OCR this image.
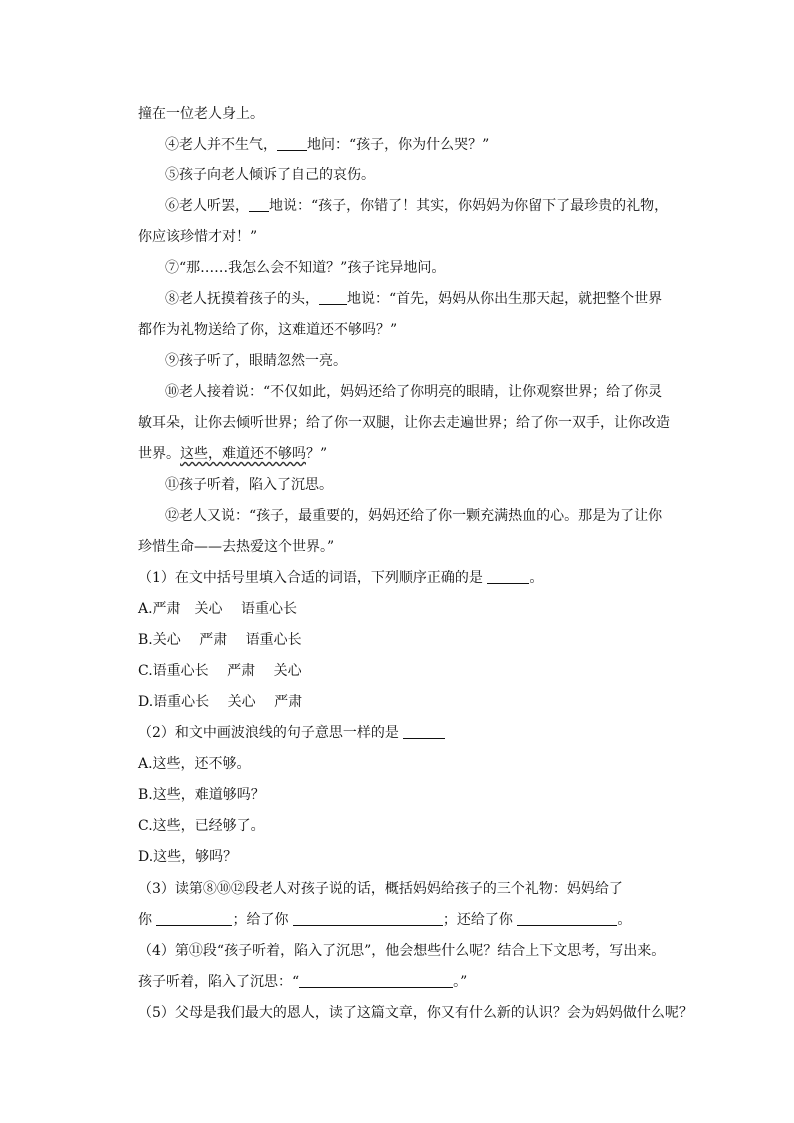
撞在一位老人身上。
④老人并不生气， 地问：“孩子，你为什么哭？”
⑤孩子向老人倾诉了自己的哀伤。
⑥老人听罢， 地说：“孩子，你错了！其实，你妈妈为你留下了最珍贵的礼物，
你应该珍惜才对！”
⑦“那……我怎么会不知道？”孩子诧异地问。
⑧老人抚摸着孩子的头， 地说：“首先，妈妈从你出生那天起，就把整个世界
都作为礼物送给了你，这难道还不够吗？”
⑨孩子听了，眼睛忽然一亮。
⑩老人接着说：“不仅如此，妈妈还给了你明亮的眼睛，让你观察世界；给了你灵
敏耳朵，让你去倾听世界；给了你一双腿，让你去走遍世界；给了你一双手，让你改造
世界。这些，难道还不够吗？”
⑪孩子听着，陷入了沉思。
⑫老人又说：“孩子，最重要的，妈妈还给了你一颗充满热血的心。那是为了让你
珍惜生命——去热爱这个世界。”
（1）在文中括号里填入合适的词语，下列顺序正确的是	。
A.严肃　关心　 语重心长
B.关心　 严肃　 语重心长
C.语重心长　 严肃　 关心
D.语重心长　 关心　 严肃
（2）和文中画波浪线的句子意思一样的是
A.这些，还不够。
B.这些，难道够吗？
C.这些，已经够了。
D.这些，够吗？
（3）读第⑧⑩⑫段老人对孩子说的话，概括妈妈给孩子的三个礼物：妈妈给了
你	；给了你	；还给了你	。
（4）第⑪段“孩子听着，陷入了沉思”，他会想些什么呢？结合上下文思考，写出来。
孩子听着，陷入了沉思：“	。”
（5）父母是我们最大的恩人，读了这篇文章，你又有什么新的认识？会为妈妈做什么呢？
